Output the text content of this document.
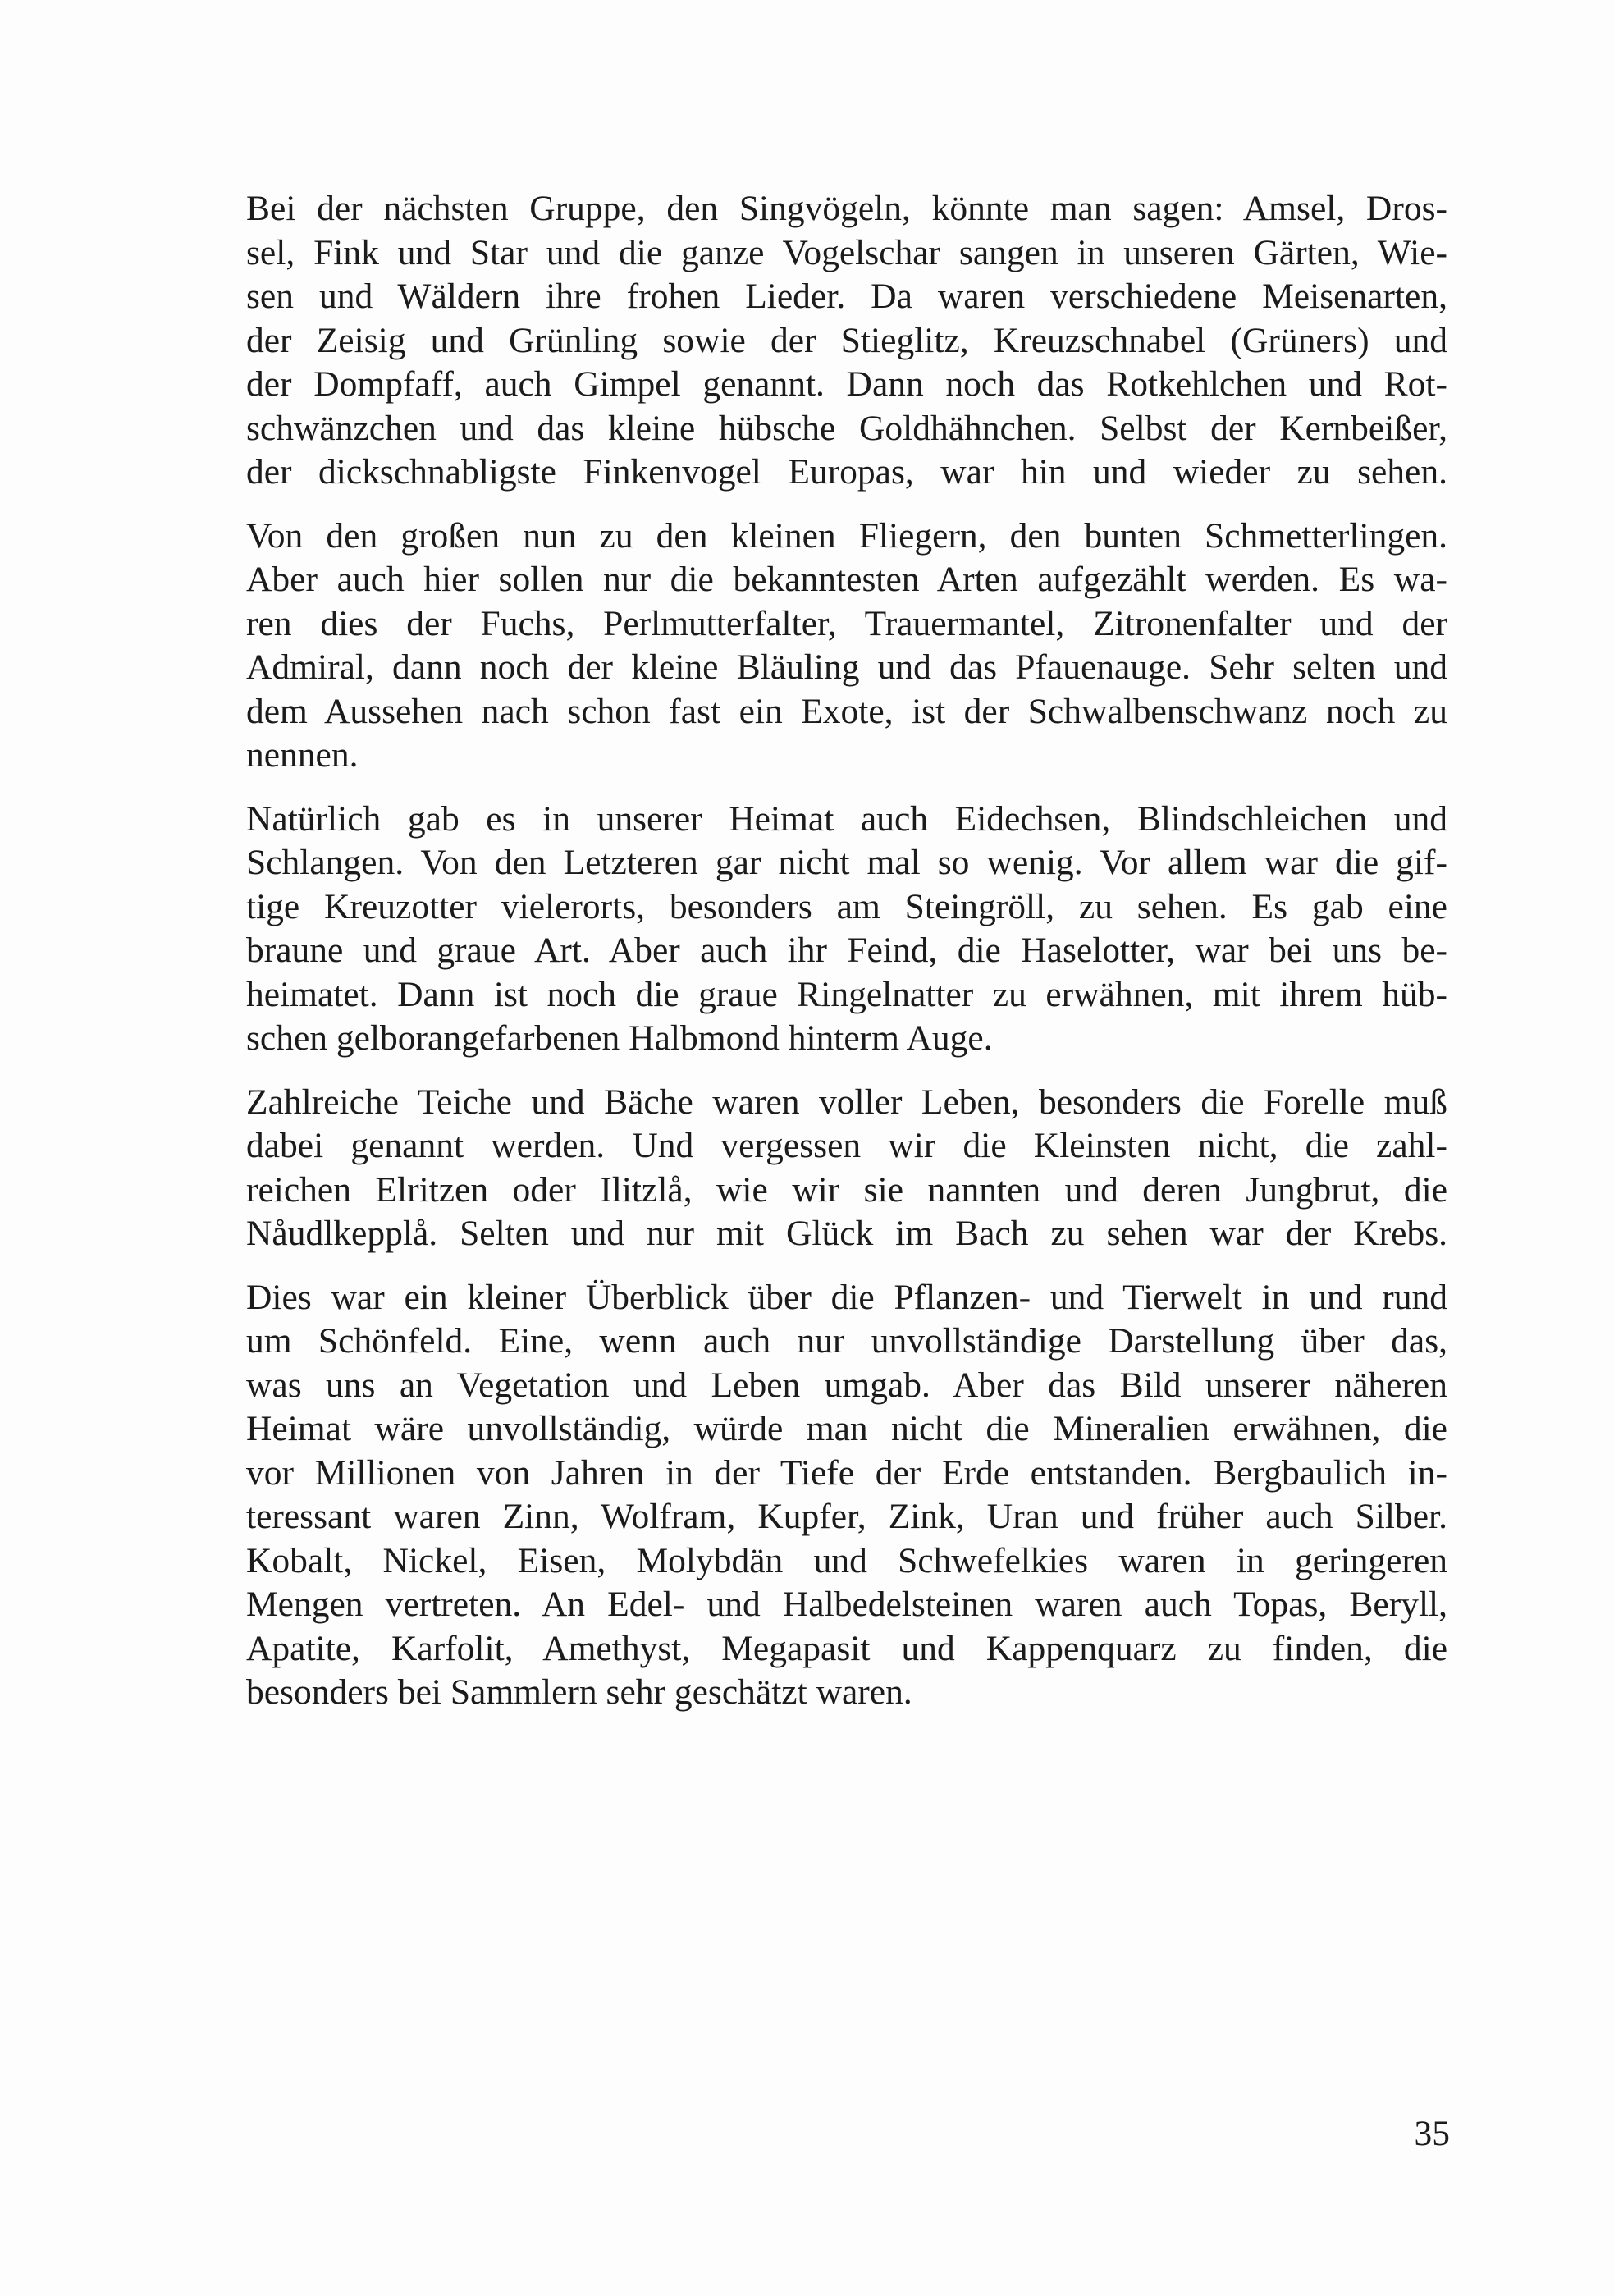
Bei der nächsten Gruppe, den Singvögeln, könnte man sagen: Amsel, Dros-
sel, Fink und Star und die ganze Vogelschar sangen in unseren Gärten, Wie-
sen und Wäldern ihre frohen Lieder. Da waren verschiedene Meisenarten,
der Zeisig und Grünling sowie der Stieglitz, Kreuzschnabel (Grüners) und
der Dompfaff, auch Gimpel genannt. Dann noch das Rotkehlchen und Rot-
schwänzchen und das kleine hübsche Goldhähnchen. Selbst der Kernbeißer,
der dickschnabligste Finkenvogel Europas, war hin und wieder zu sehen.

Von den großen nun zu den kleinen Fliegern, den bunten Schmetterlingen.
Aber auch hier sollen nur die bekanntesten Arten aufgezählt werden. Es wa-
ren dies der Fuchs, Perlmutterfalter, Trauermantel, Zitronenfalter und der
Admiral, dann noch der kleine Bläuling und das Pfauenauge. Sehr selten und
dem Aussehen nach schon fast ein Exote, ist der Schwalbenschwanz noch zu
nennen.

Natürlich gab es in unserer Heimat auch Eidechsen, Blindschleichen und
Schlangen. Von den Letzteren gar nicht mal so wenig. Vor allem war die gif-
tige Kreuzotter vielerorts, besonders am Steingröll, zu sehen. Es gab eine
braune und graue Art. Aber auch ihr Feind, die Haselotter, war bei uns be-
heimatet. Dann ist noch die graue Ringelnatter zu erwähnen, mit ihrem hüb-
schen gelborangefarbenen Halbmond hinterm Auge.

Zahlreiche Teiche und Bäche waren voller Leben, besonders die Forelle muß
dabei genannt werden. Und vergessen wir die Kleinsten nicht, die zahl-
reichen Elritzen oder Ilitzlå, wie wir sie nannten und deren Jungbrut, die
Nåudlkepplå. Selten und nur mit Glück im Bach zu sehen war der Krebs.

Dies war ein kleiner Überblick über die Pflanzen- und Tierwelt in und rund
um Schönfeld. Eine, wenn auch nur unvollständige Darstellung über das,
was uns an Vegetation und Leben umgab. Aber das Bild unserer näheren
Heimat wäre unvollständig, würde man nicht die Mineralien erwähnen, die
vor Millionen von Jahren in der Tiefe der Erde entstanden. Bergbaulich in-
teressant waren Zinn, Wolfram, Kupfer, Zink, Uran und früher auch Silber.
Kobalt, Nickel, Eisen, Molybdän und Schwefelkies waren in geringeren
Mengen vertreten. An Edel- und Halbedelsteinen waren auch Topas, Beryll,
Apatite, Karfolit, Amethyst, Megapasit und Kappenquarz zu finden, die
besonders bei Sammlern sehr geschätzt waren.

35
